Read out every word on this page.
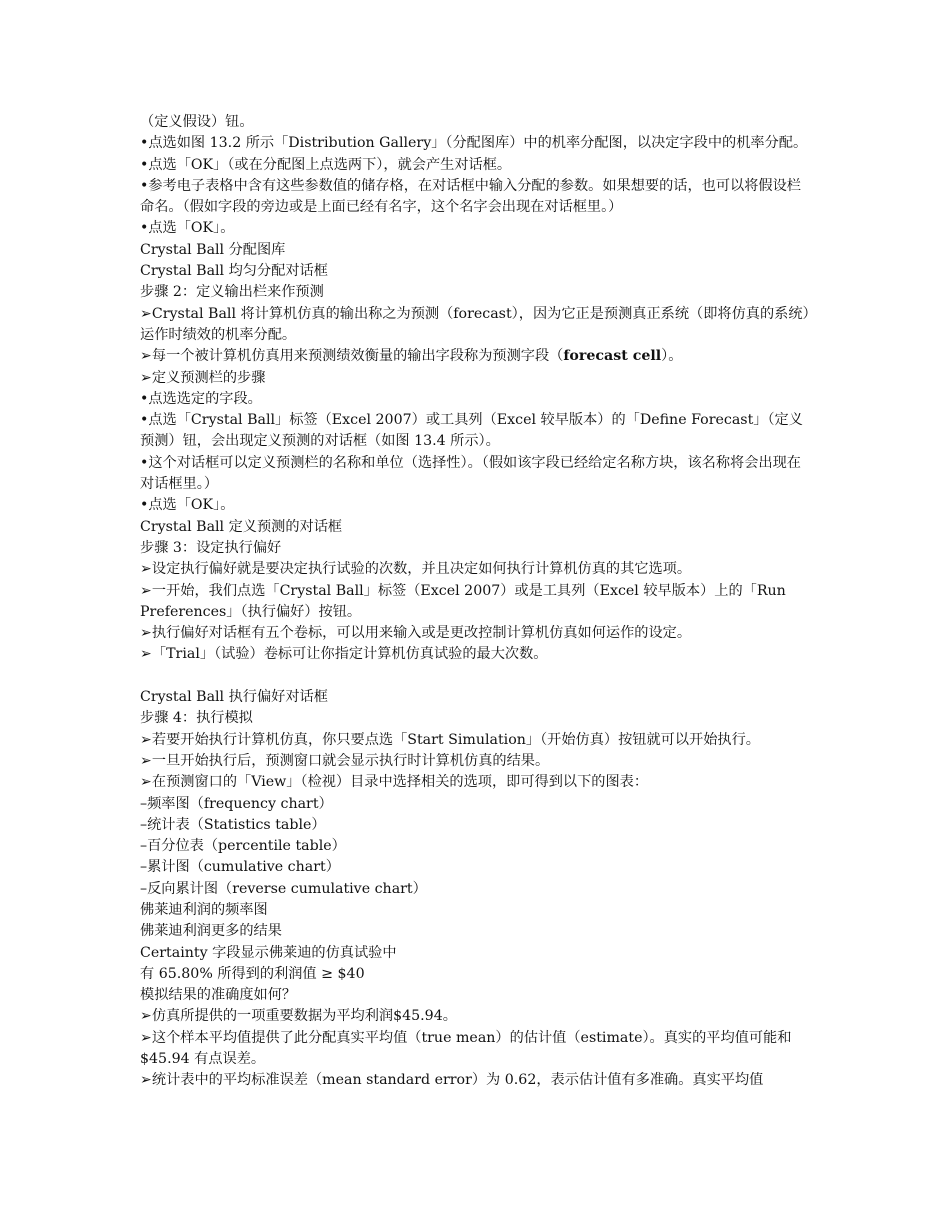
（定义假设）钮。
•点选如图 13.2 所示「Distribution Gallery」（分配图库）中的机率分配图，以决定字段中的机率分配。
•点选「OK」（或在分配图上点选两下），就会产生对话框。
•参考电子表格中含有这些参数值的储存格，在对话框中输入分配的参数。如果想要的话，也可以将假设栏命名。（假如字段的旁边或是上面已经有名字，这个名字会出现在对话框里。）
•点选「OK」。
Crystal Ball 分配图库
Crystal Ball 均匀分配对话框
步骤 2：定义输出栏来作预测
➢Crystal Ball 将计算机仿真的输出称之为预测（forecast），因为它正是预测真正系统（即将仿真的系统）运作时绩效的机率分配。
➢每一个被计算机仿真用来预测绩效衡量的输出字段称为预测字段（forecast cell）。
➢定义预测栏的步骤
•点选选定的字段。
•点选「Crystal Ball」标签（Excel 2007）或工具列（Excel 较早版本）的「Define Forecast」（定义预测）钮，会出现定义预测的对话框（如图 13.4 所示）。
•这个对话框可以定义预测栏的名称和单位（选择性）。（假如该字段已经给定名称方块，该名称将会出现在对话框里。）
•点选「OK」。
Crystal Ball 定义预测的对话框
步骤 3：设定执行偏好
➢设定执行偏好就是要决定执行试验的次数，并且决定如何执行计算机仿真的其它选项。
➢一开始，我们点选「Crystal Ball」标签（Excel 2007）或是工具列（Excel 较早版本）上的「Run Preferences」（执行偏好）按钮。
➢执行偏好对话框有五个卷标，可以用来输入或是更改控制计算机仿真如何运作的设定。
➢「Trial」（试验）卷标可让你指定计算机仿真试验的最大次数。
Crystal Ball 执行偏好对话框
步骤 4：执行模拟
➢若要开始执行计算机仿真，你只要点选「Start Simulation」（开始仿真）按钮就可以开始执行。
➢一旦开始执行后，预测窗口就会显示执行时计算机仿真的结果。
➢在预测窗口的「View」（检视）目录中选择相关的选项，即可得到以下的图表：
–频率图（frequency chart）
–统计表（Statistics table）
–百分位表（percentile table）
–累计图（cumulative chart）
–反向累计图（reverse cumulative chart）
佛莱迪利润的频率图
佛莱迪利润更多的结果
Certainty 字段显示佛莱迪的仿真试验中
有 65.80% 所得到的利润值 ≥ $40
模拟结果的准确度如何？
➢仿真所提供的一项重要数据为平均利润$45.94。
➢这个样本平均值提供了此分配真实平均值（true mean）的估计值（estimate）。真实的平均值可能和$45.94 有点误差。
➢统计表中的平均标准误差（mean standard error）为 0.62，表示估计值有多准确。真实平均值
